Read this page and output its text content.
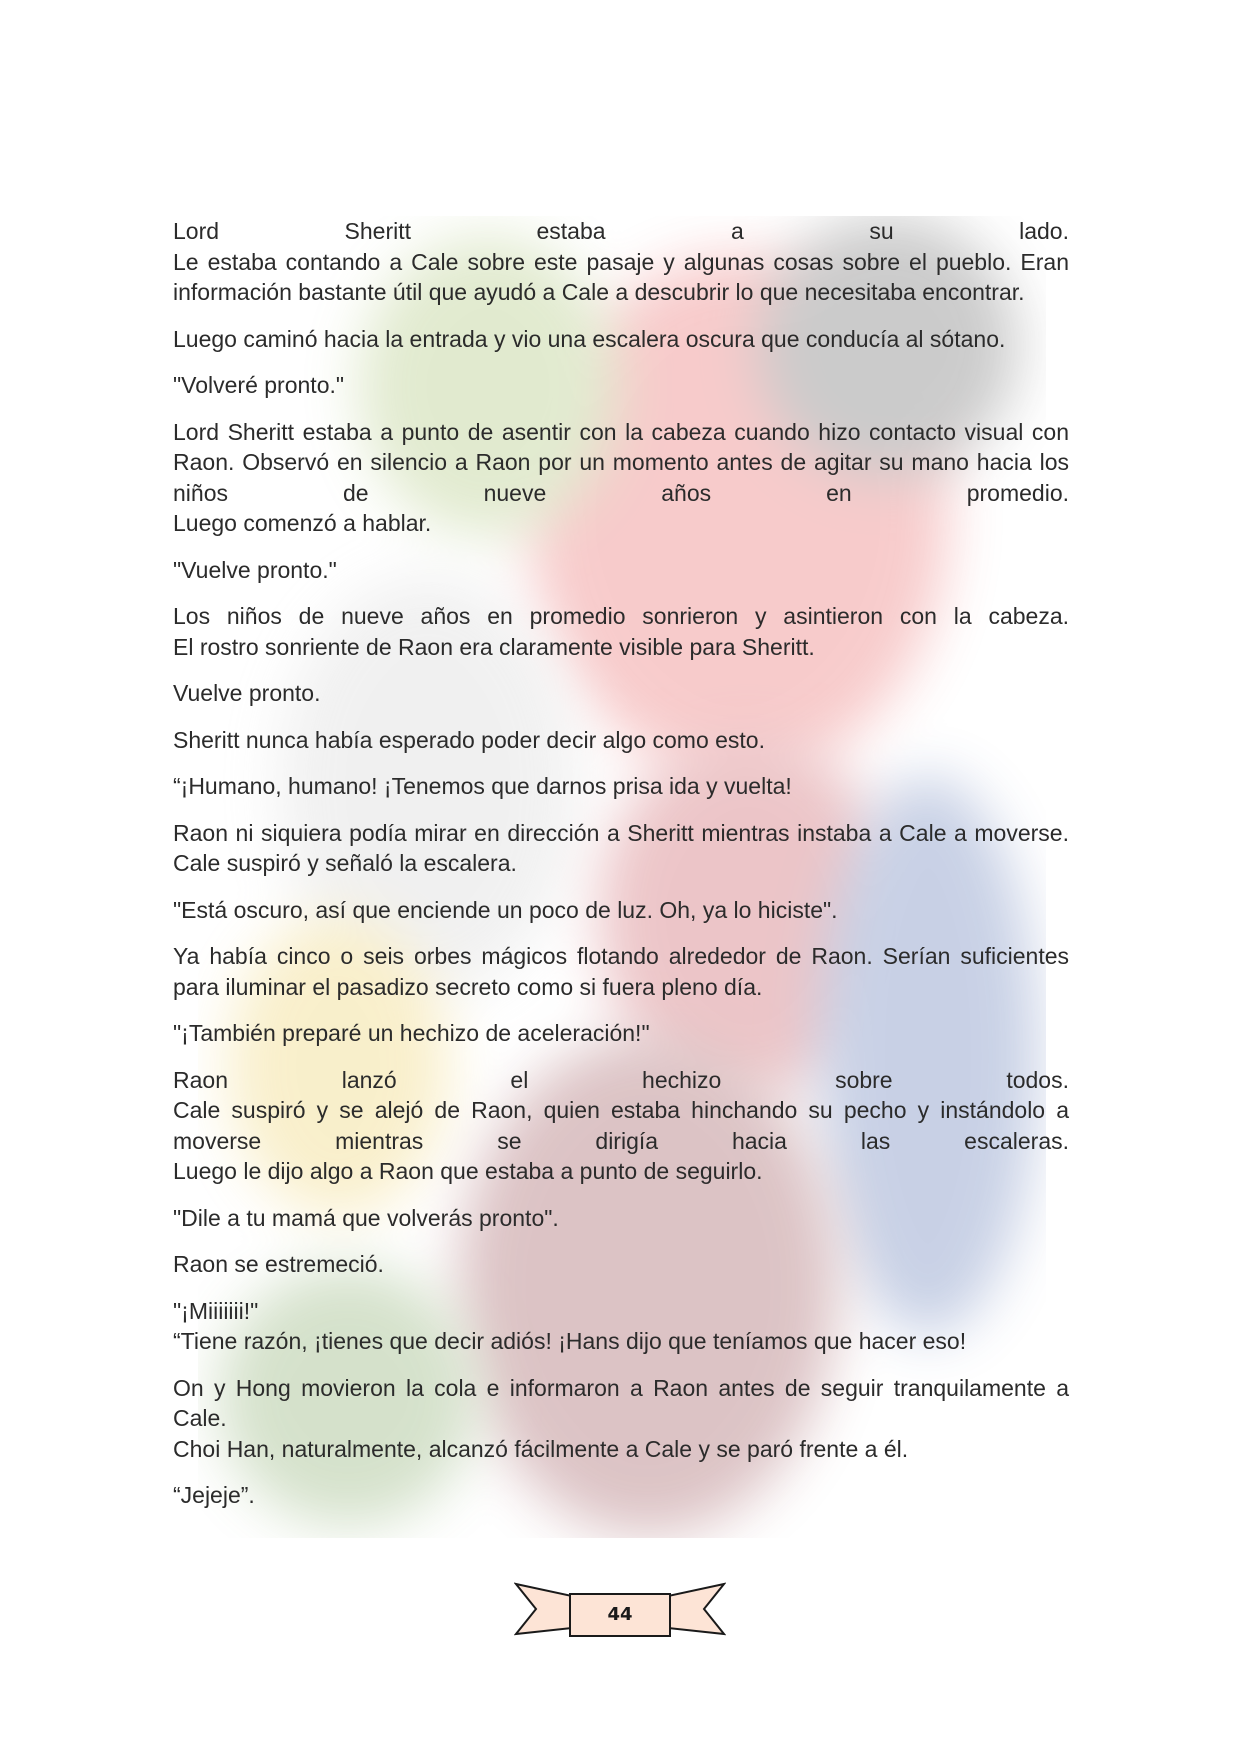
Lord Sheritt estaba a su lado.
Le estaba contando a Cale sobre este pasaje y algunas cosas sobre el pueblo. Eran información bastante útil que ayudó a Cale a descubrir lo que necesitaba encontrar.

Luego caminó hacia la entrada y vio una escalera oscura que conducía al sótano.

"Volveré pronto."

Lord Sheritt estaba a punto de asentir con la cabeza cuando hizo contacto visual con Raon. Observó en silencio a Raon por un momento antes de agitar su mano hacia los niños de nueve años en promedio.
Luego comenzó a hablar.

"Vuelve pronto."

Los niños de nueve años en promedio sonrieron y asintieron con la cabeza.
El rostro sonriente de Raon era claramente visible para Sheritt.

Vuelve pronto.

Sheritt nunca había esperado poder decir algo como esto.

“¡Humano, humano! ¡Tenemos que darnos prisa ida y vuelta!

Raon ni siquiera podía mirar en dirección a Sheritt mientras instaba a Cale a moverse. Cale suspiró y señaló la escalera.

"Está oscuro, así que enciende un poco de luz. Oh, ya lo hiciste".

Ya había cinco o seis orbes mágicos flotando alrededor de Raon. Serían suficientes para iluminar el pasadizo secreto como si fuera pleno día.

"¡También preparé un hechizo de aceleración!"

Raon lanzó el hechizo sobre todos.
Cale suspiró y se alejó de Raon, quien estaba hinchando su pecho y instándolo a moverse mientras se dirigía hacia las escaleras.
Luego le dijo algo a Raon que estaba a punto de seguirlo.

"Dile a tu mamá que volverás pronto".

Raon se estremeció.

"¡Miiiiiii!"
“Tiene razón, ¡tienes que decir adiós! ¡Hans dijo que teníamos que hacer eso!

On y Hong movieron la cola e informaron a Raon antes de seguir tranquilamente a Cale.
Choi Han, naturalmente, alcanzó fácilmente a Cale y se paró frente a él.

“Jejeje”.

44
